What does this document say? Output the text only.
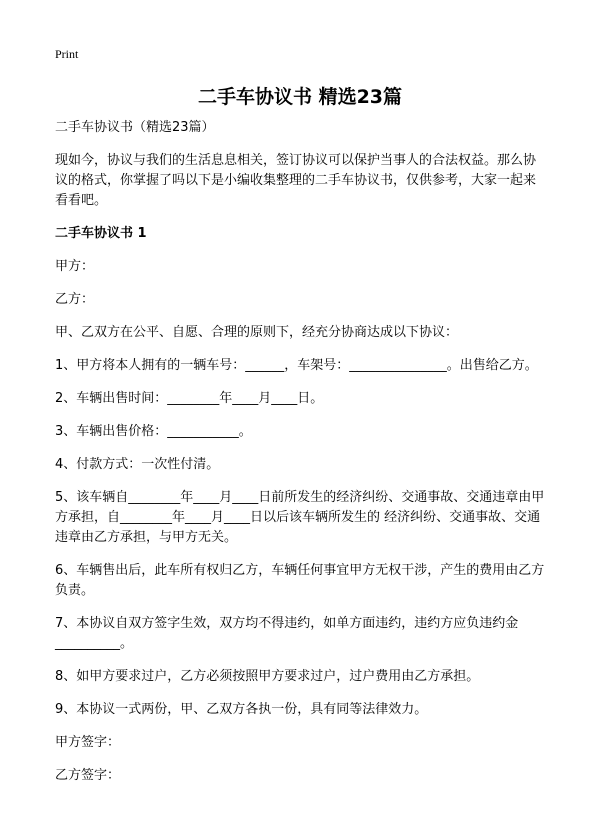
Print
二手车协议书 精选23篇

二手车协议书（精选23篇）

现如今，协议与我们的生活息息相关，签订协议可以保护当事人的合法权益。那么协议的格式，你掌握了吗以下是小编收集整理的二手车协议书，仅供参考，大家一起来看看吧。

二手车协议书 1

甲方：

乙方：

甲、乙双方在公平、自愿、合理的原则下，经充分协商达成以下协议：

1、甲方将本人拥有的一辆车号：______，车架号：_______________。出售给乙方。

2、车辆出售时间：________年____月____日。

3、车辆出售价格：___________。

4、付款方式：一次性付清。

5、该车辆自________年____月____日前所发生的经济纠纷、交通事故、交通违章由甲方承担，自________年____月____日以后该车辆所发生的 经济纠纷、交通事故、交通违章由乙方承担，与甲方无关。

6、车辆售出后，此车所有权归乙方，车辆任何事宜甲方无权干涉，产生的费用由乙方负责。

7、本协议自双方签字生效，双方均不得违约，如单方面违约，违约方应负违约金__________。

8、如甲方要求过户，乙方必须按照甲方要求过户，过户费用由乙方承担。

9、本协议一式两份，甲、乙双方各执一份，具有同等法律效力。

甲方签字：

乙方签字：
